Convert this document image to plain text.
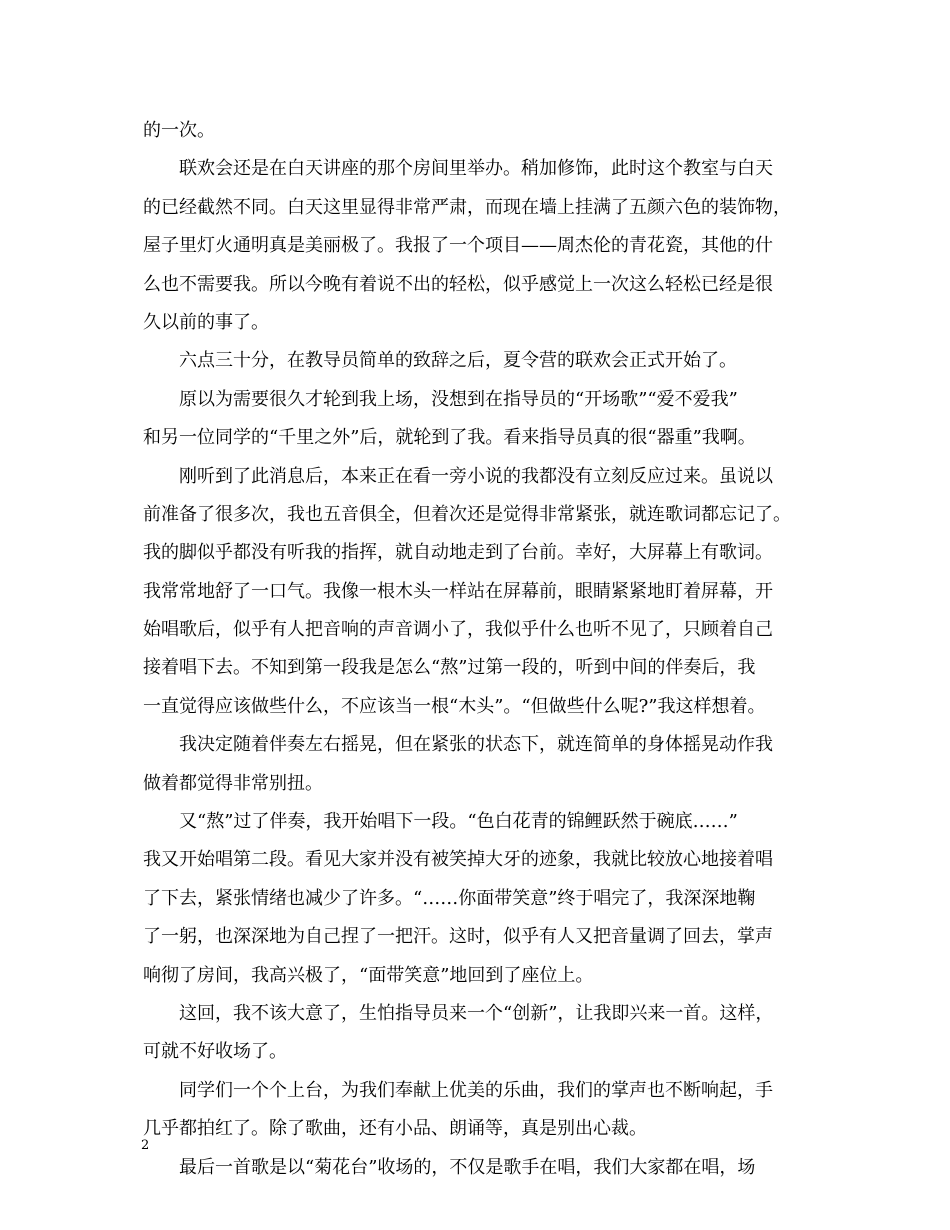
的一次。
联欢会还是在白天讲座的那个房间里举办。稍加修饰，此时这个教室与白天
的已经截然不同。白天这里显得非常严肃，而现在墙上挂满了五颜六色的装饰物，
屋子里灯火通明真是美丽极了。我报了一个项目——周杰伦的青花瓷，其他的什
么也不需要我。所以今晚有着说不出的轻松，似乎感觉上一次这么轻松已经是很
久以前的事了。
六点三十分，在教导员简单的致辞之后，夏令营的联欢会正式开始了。
原以为需要很久才轮到我上场，没想到在指导员的“开场歌”“爱不爱我”
和另一位同学的“千里之外”后，就轮到了我。看来指导员真的很“器重”我啊。
刚听到了此消息后，本来正在看一旁小说的我都没有立刻反应过来。虽说以
前准备了很多次，我也五音俱全，但着次还是觉得非常紧张，就连歌词都忘记了。
我的脚似乎都没有听我的指挥，就自动地走到了台前。幸好，大屏幕上有歌词。
我常常地舒了一口气。我像一根木头一样站在屏幕前，眼睛紧紧地盯着屏幕，开
始唱歌后，似乎有人把音响的声音调小了，我似乎什么也听不见了，只顾着自己
接着唱下去。不知到第一段我是怎么“熬”过第一段的，听到中间的伴奏后，我
一直觉得应该做些什么，不应该当一根“木头”。“但做些什么呢?”我这样想着。
我决定随着伴奏左右摇晃，但在紧张的状态下，就连简单的身体摇晃动作我
做着都觉得非常别扭。
又“熬”过了伴奏，我开始唱下一段。“色白花青的锦鲤跃然于碗底……”
我又开始唱第二段。看见大家并没有被笑掉大牙的迹象，我就比较放心地接着唱
了下去，紧张情绪也减少了许多。“……你面带笑意”终于唱完了，我深深地鞠
了一躬，也深深地为自己捏了一把汗。这时，似乎有人又把音量调了回去，掌声
响彻了房间，我高兴极了，“面带笑意”地回到了座位上。
这回，我不该大意了，生怕指导员来一个“创新”，让我即兴来一首。这样，
可就不好收场了。
同学们一个个上台，为我们奉献上优美的乐曲，我们的掌声也不断响起，手
几乎都拍红了。除了歌曲，还有小品、朗诵等，真是别出心裁。
最后一首歌是以“菊花台”收场的，不仅是歌手在唱，我们大家都在唱，场
2
